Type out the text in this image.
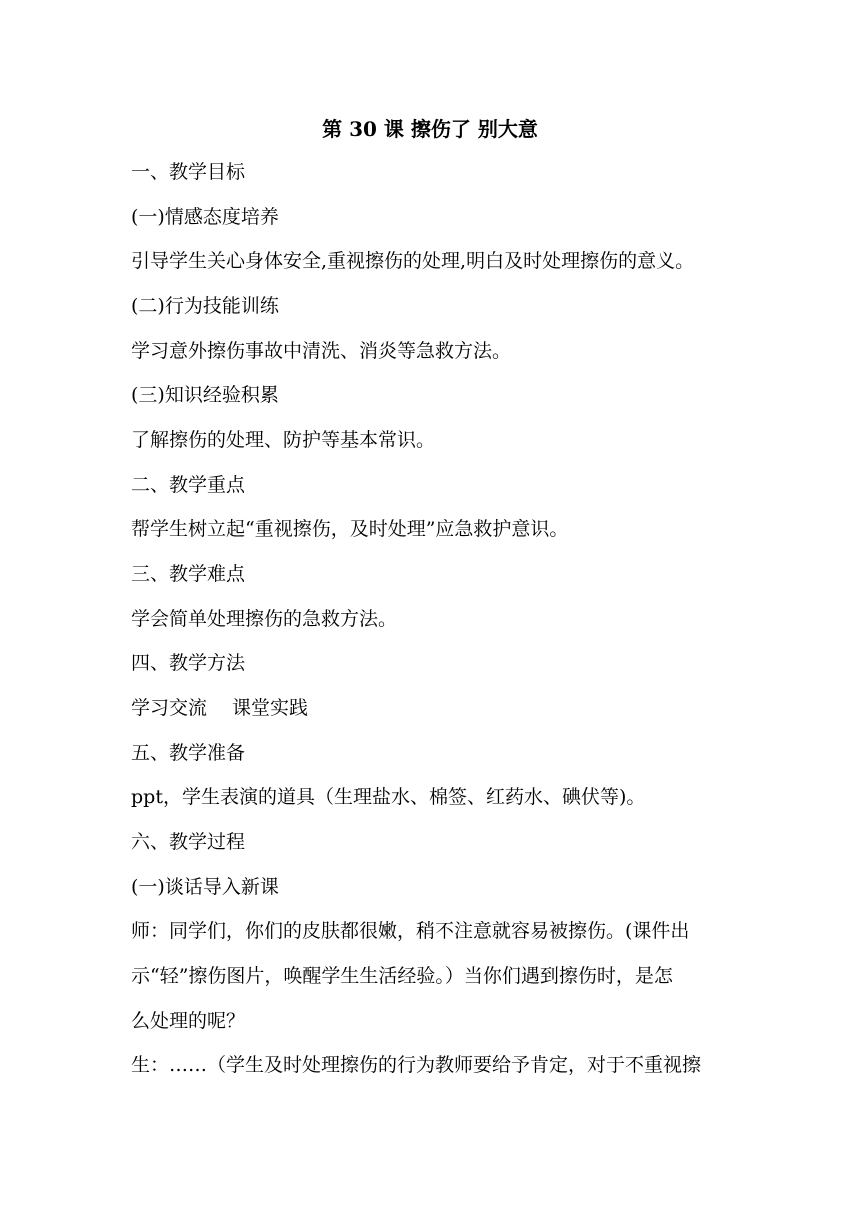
第 30 课 擦伤了 别大意
一、教学目标
(一)情感态度培养
引导学生关心身体安全,重视擦伤的处理,明白及时处理擦伤的意义。
(二)行为技能训练
学习意外擦伤事故中清洗、消炎等急救方法。
(三)知识经验积累
了解擦伤的处理、防护等基本常识。
二、教学重点
帮学生树立起“重视擦伤，及时处理”应急救护意识。
三、教学难点
学会简单处理擦伤的急救方法。
四、教学方法
学习交流　 课堂实践
五、教学准备
ppt，学生表演的道具（生理盐水、棉签、红药水、碘伏等)。
六、教学过程
(一)谈话导入新课
师：同学们，你们的皮肤都很嫩，稍不注意就容易被擦伤。(课件出
示“轻”擦伤图片，唤醒学生生活经验。）当你们遇到擦伤时，是怎
么处理的呢？
生：……（学生及时处理擦伤的行为教师要给予肯定，对于不重视擦
